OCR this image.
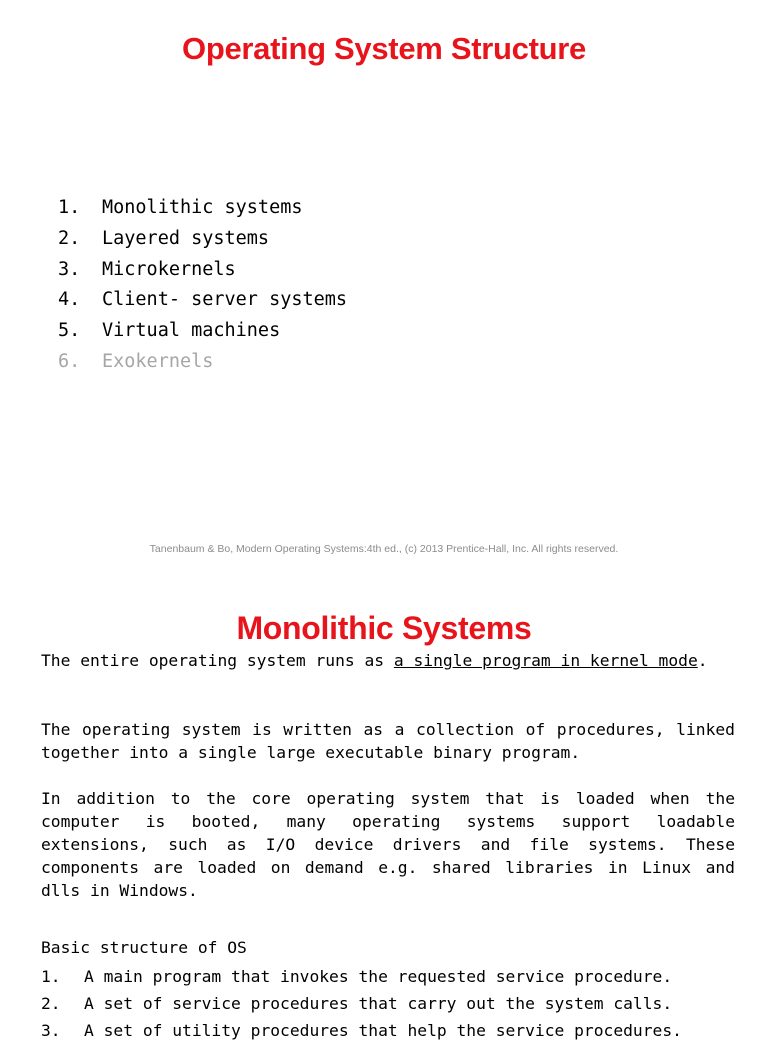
Operating System Structure
1.	Monolithic systems
2.	Layered systems
3.	Microkernels
4.	Client- server systems
5.	Virtual machines
6.	Exokernels
Tanenbaum & Bo, Modern Operating Systems:4th ed., (c) 2013 Prentice-Hall, Inc. All rights reserved.
Monolithic Systems

The entire operating system runs as a single program in kernel mode.

The operating system is written as a collection of procedures, linked together into a single large executable binary program.

In addition to the core operating system that is loaded when the computer is booted, many operating systems support loadable extensions, such as I/O device drivers and file systems. These components are loaded on demand e.g. shared libraries in Linux and dlls in Windows.

Basic structure of OS

1.	A main program that invokes the requested service procedure.
2.	A set of service procedures that carry out the system calls.
3.	A set of utility procedures that help the service procedures.
